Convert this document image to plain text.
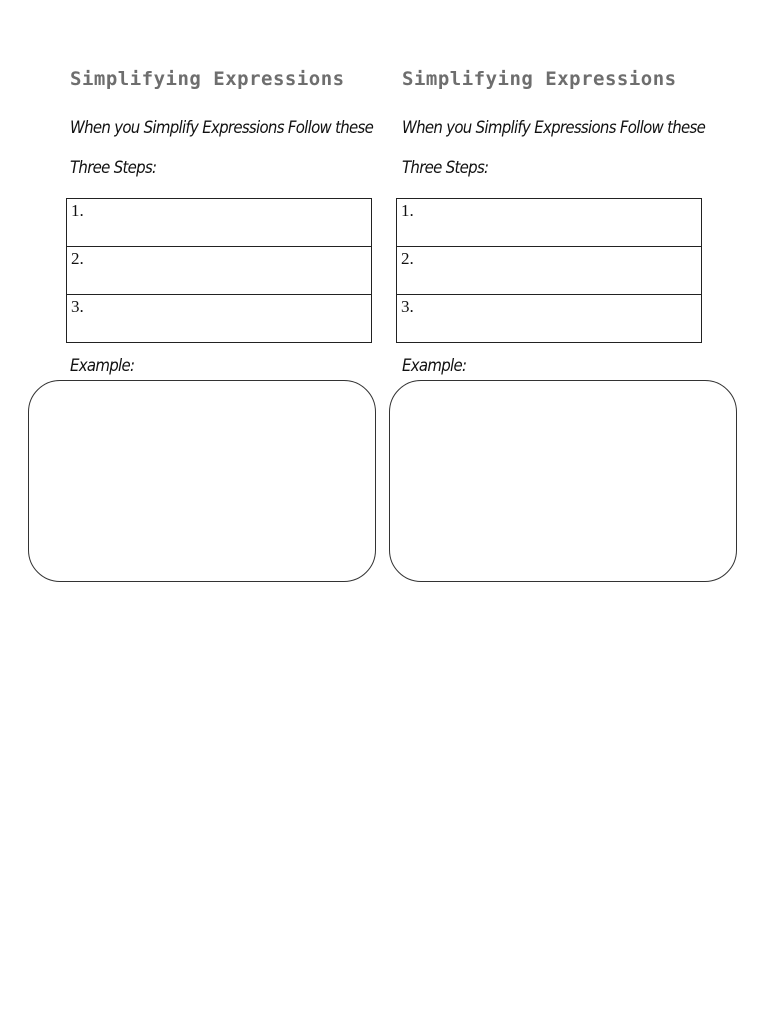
Simplifying Expressions
When you Simplify Expressions Follow these
Three Steps:
1.
2.
3.
Example:
Simplifying Expressions
When you Simplify Expressions Follow these
Three Steps:
1.
2.
3.
Example:
